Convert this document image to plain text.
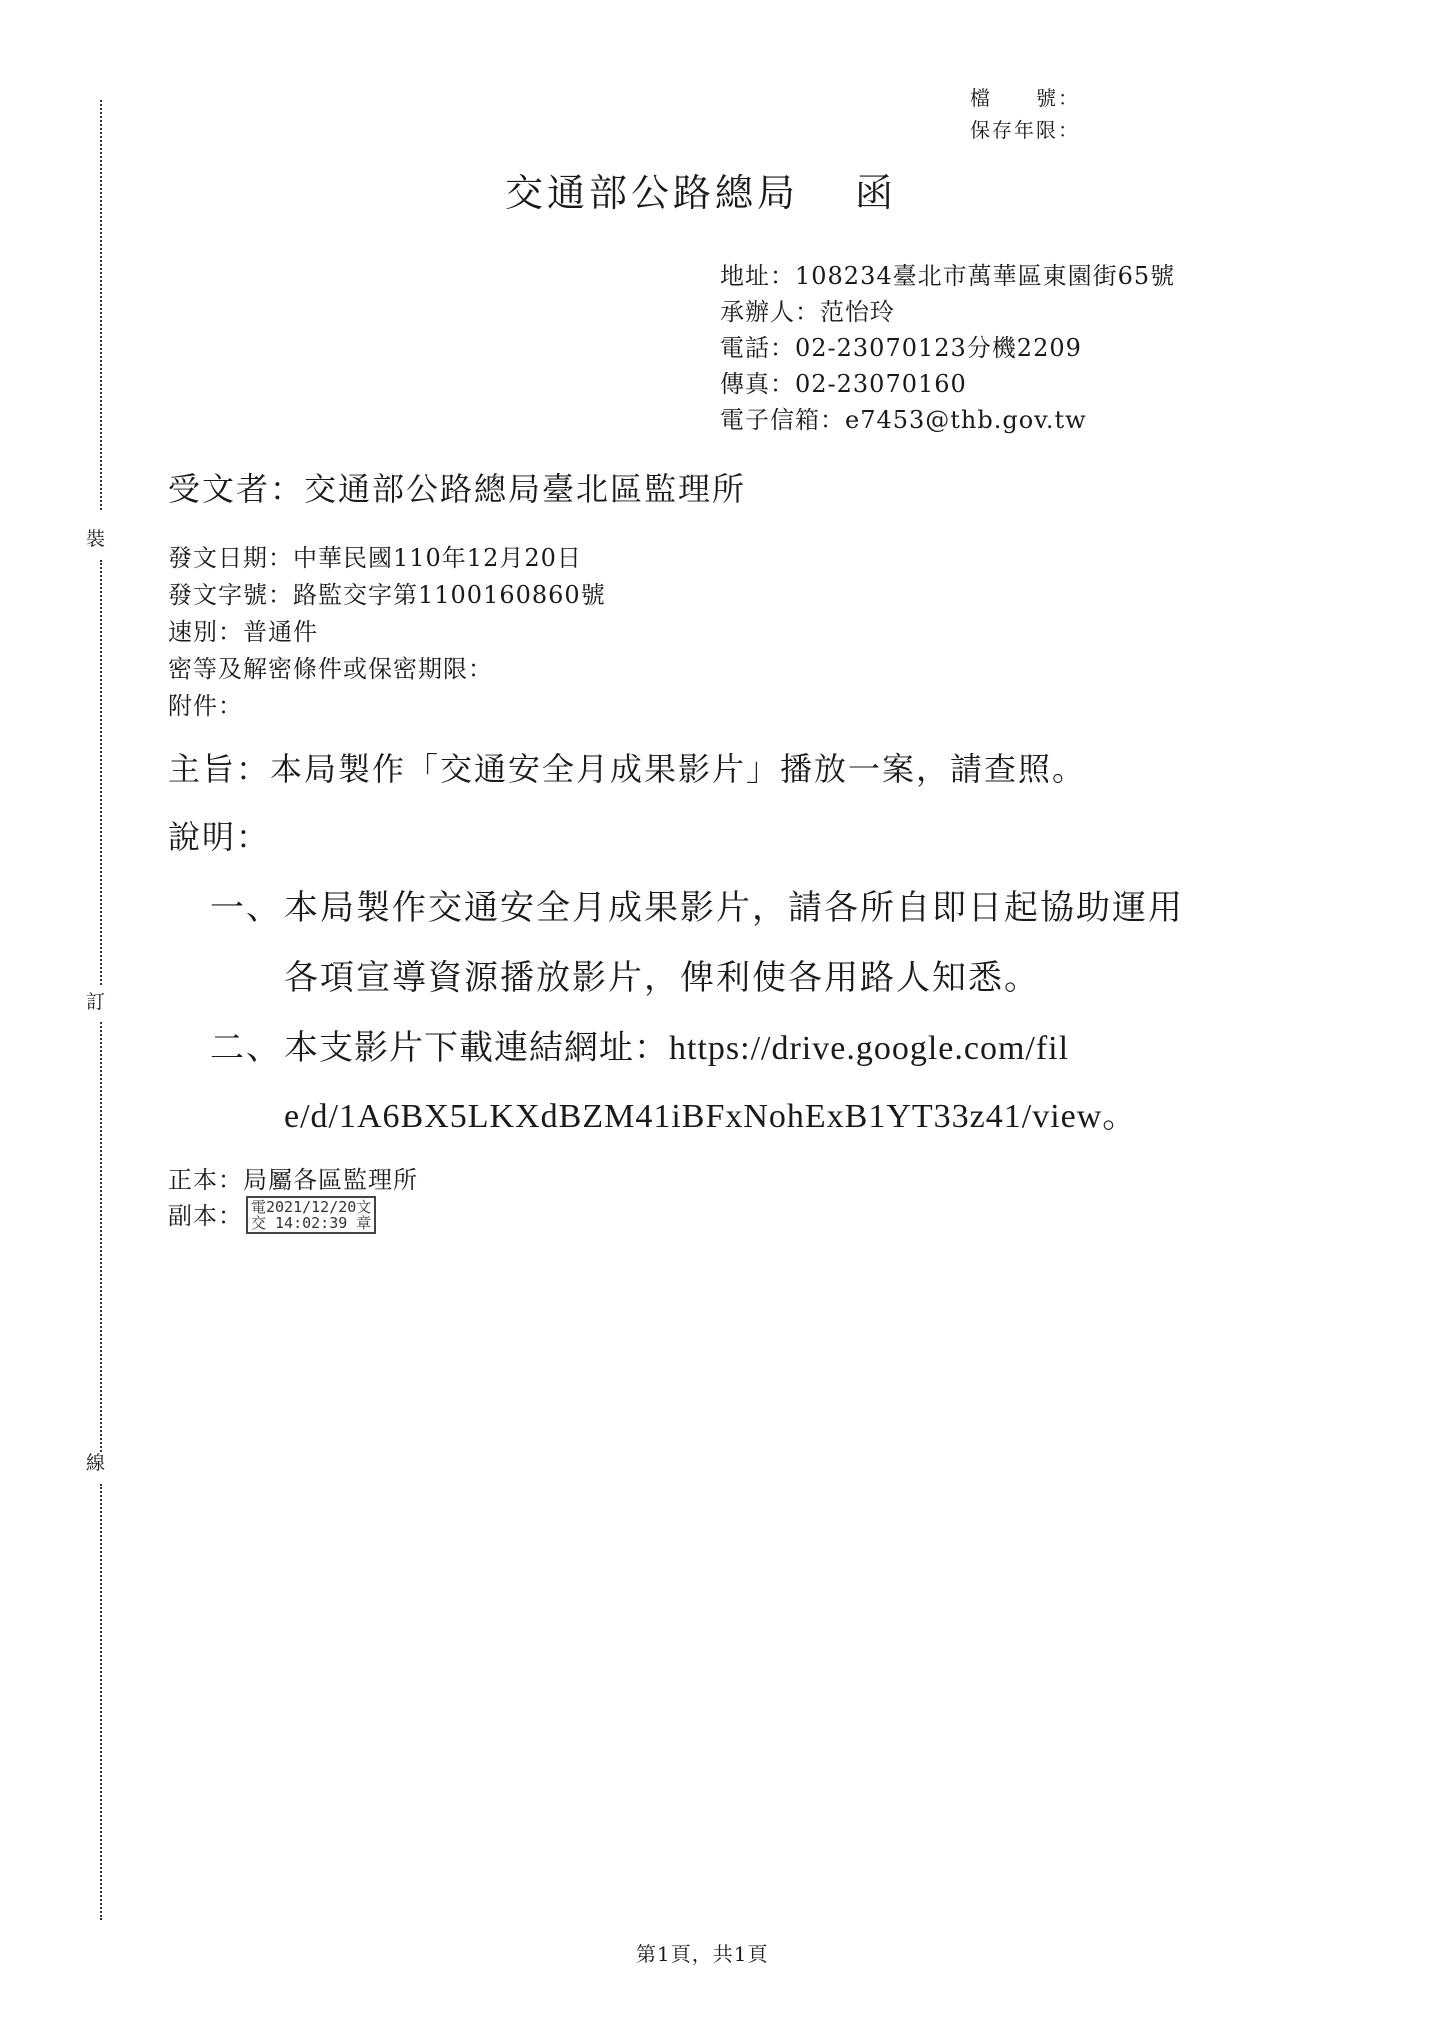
裝
訂
線
檔　　號：
保存年限：
交通部公路總局 函
地址：108234臺北市萬華區東園街65號
承辦人：范怡玲
電話：02-23070123分機2209
傳真：02-23070160
電子信箱：e7453@thb.gov.tw
受文者：交通部公路總局臺北區監理所
發文日期：中華民國110年12月20日
發文字號：路監交字第1100160860號
速別：普通件
密等及解密條件或保密期限：
附件：
主旨：本局製作「交通安全月成果影片」播放一案，請查照。
說明：
一、本局製作交通安全月成果影片，請各所自即日起協助運用
各項宣導資源播放影片，俾利使各用路人知悉。
二、本支影片下載連結網址：https://drive.google.com/fil
e/d/1A6BX5LKXdBZM41iBFxNohExB1YT33z41/view。
正本：局屬各區監理所
副本： 電2021/12/20文
交 14:02:39 章
第1頁，共1頁
